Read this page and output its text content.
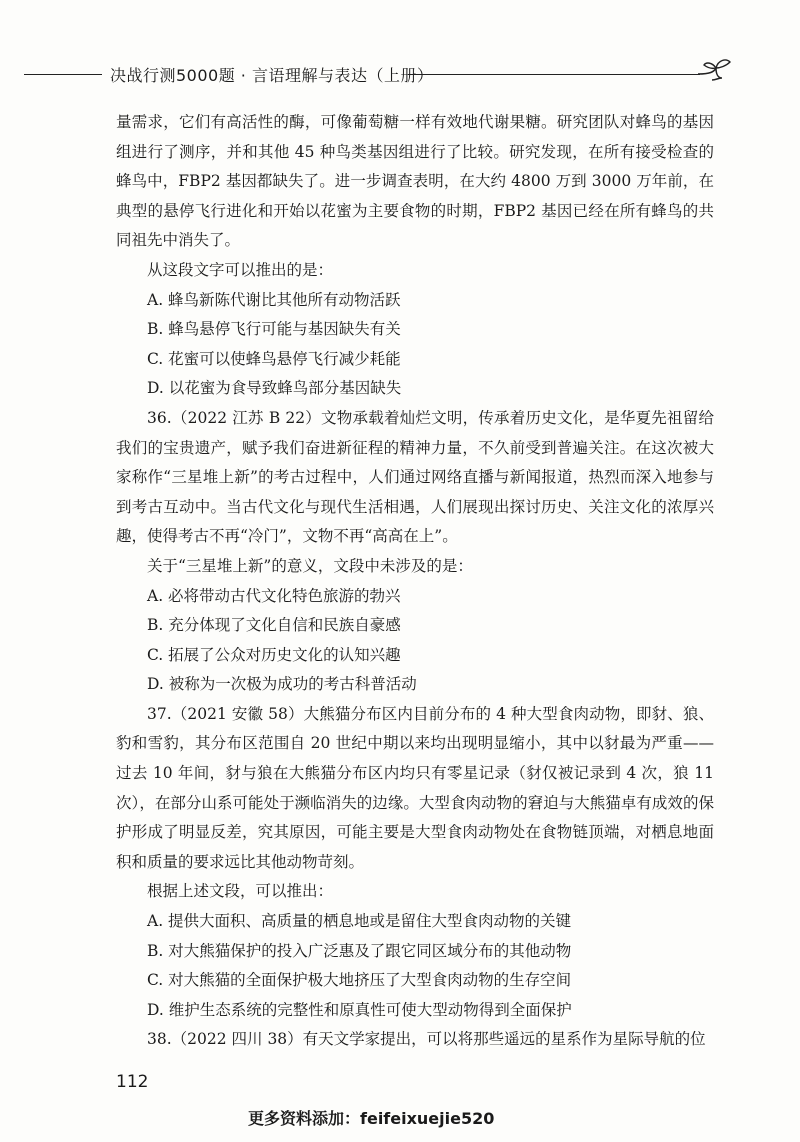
决战行测5000题 · 言语理解与表达（上册）

量需求，它们有高活性的酶，可像葡萄糖一样有效地代谢果糖。研究团队对蜂鸟的基因组进行了测序，并和其他 45 种鸟类基因组进行了比较。研究发现，在所有接受检查的蜂鸟中，FBP2 基因都缺失了。进一步调查表明，在大约 4800 万到 3000 万年前，在典型的悬停飞行进化和开始以花蜜为主要食物的时期，FBP2 基因已经在所有蜂鸟的共同祖先中消失了。

从这段文字可以推出的是：

A. 蜂鸟新陈代谢比其他所有动物活跃

B. 蜂鸟悬停飞行可能与基因缺失有关

C. 花蜜可以使蜂鸟悬停飞行减少耗能

D. 以花蜜为食导致蜂鸟部分基因缺失

36.（2022 江苏 B 22）文物承载着灿烂文明，传承着历史文化，是华夏先祖留给我们的宝贵遗产，赋予我们奋进新征程的精神力量，不久前受到普遍关注。在这次被大家称作“三星堆上新”的考古过程中，人们通过网络直播与新闻报道，热烈而深入地参与到考古互动中。当古代文化与现代生活相遇，人们展现出探讨历史、关注文化的浓厚兴趣，使得考古不再“冷门”，文物不再“高高在上”。

关于“三星堆上新”的意义，文段中未涉及的是：

A. 必将带动古代文化特色旅游的勃兴

B. 充分体现了文化自信和民族自豪感

C. 拓展了公众对历史文化的认知兴趣

D. 被称为一次极为成功的考古科普活动

37.（2021 安徽 58）大熊猫分布区内目前分布的 4 种大型食肉动物，即豺、狼、豹和雪豹，其分布区范围自 20 世纪中期以来均出现明显缩小，其中以豺最为严重——过去 10 年间，豺与狼在大熊猫分布区内均只有零星记录（豺仅被记录到 4 次，狼 11 次），在部分山系可能处于濒临消失的边缘。大型食肉动物的窘迫与大熊猫卓有成效的保护形成了明显反差，究其原因，可能主要是大型食肉动物处在食物链顶端，对栖息地面积和质量的要求远比其他动物苛刻。

根据上述文段，可以推出：

A. 提供大面积、高质量的栖息地或是留住大型食肉动物的关键

B. 对大熊猫保护的投入广泛惠及了跟它同区域分布的其他动物

C. 对大熊猫的全面保护极大地挤压了大型食肉动物的生存空间

D. 维护生态系统的完整性和原真性可使大型动物得到全面保护

38.（2022 四川 38）有天文学家提出，可以将那些遥远的星系作为星际导航的位

112
更多资料添加：feifeixuejie520
